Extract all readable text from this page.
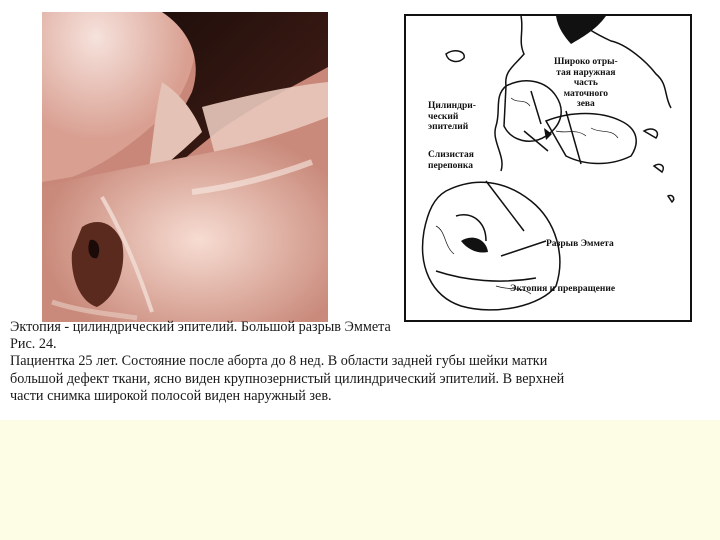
Широко отры-
тая наружная
часть
маточного
зева
Цилиндри-
ческий
эпителий
Слизистая
перепонка
Разрыв Эммета
Эктопия и превращение

Эктопия - цилиндрический эпителий. Большой разрыв Эммета

Рис. 24.

Пациентка 25 лет. Состояние после аборта до 8 нед. В области задней губы шейки матки

большой дефект ткани, ясно виден крупнозернистый цилиндрический эпителий. В верхней

части снимка широкой полосой виден наружный зев.
